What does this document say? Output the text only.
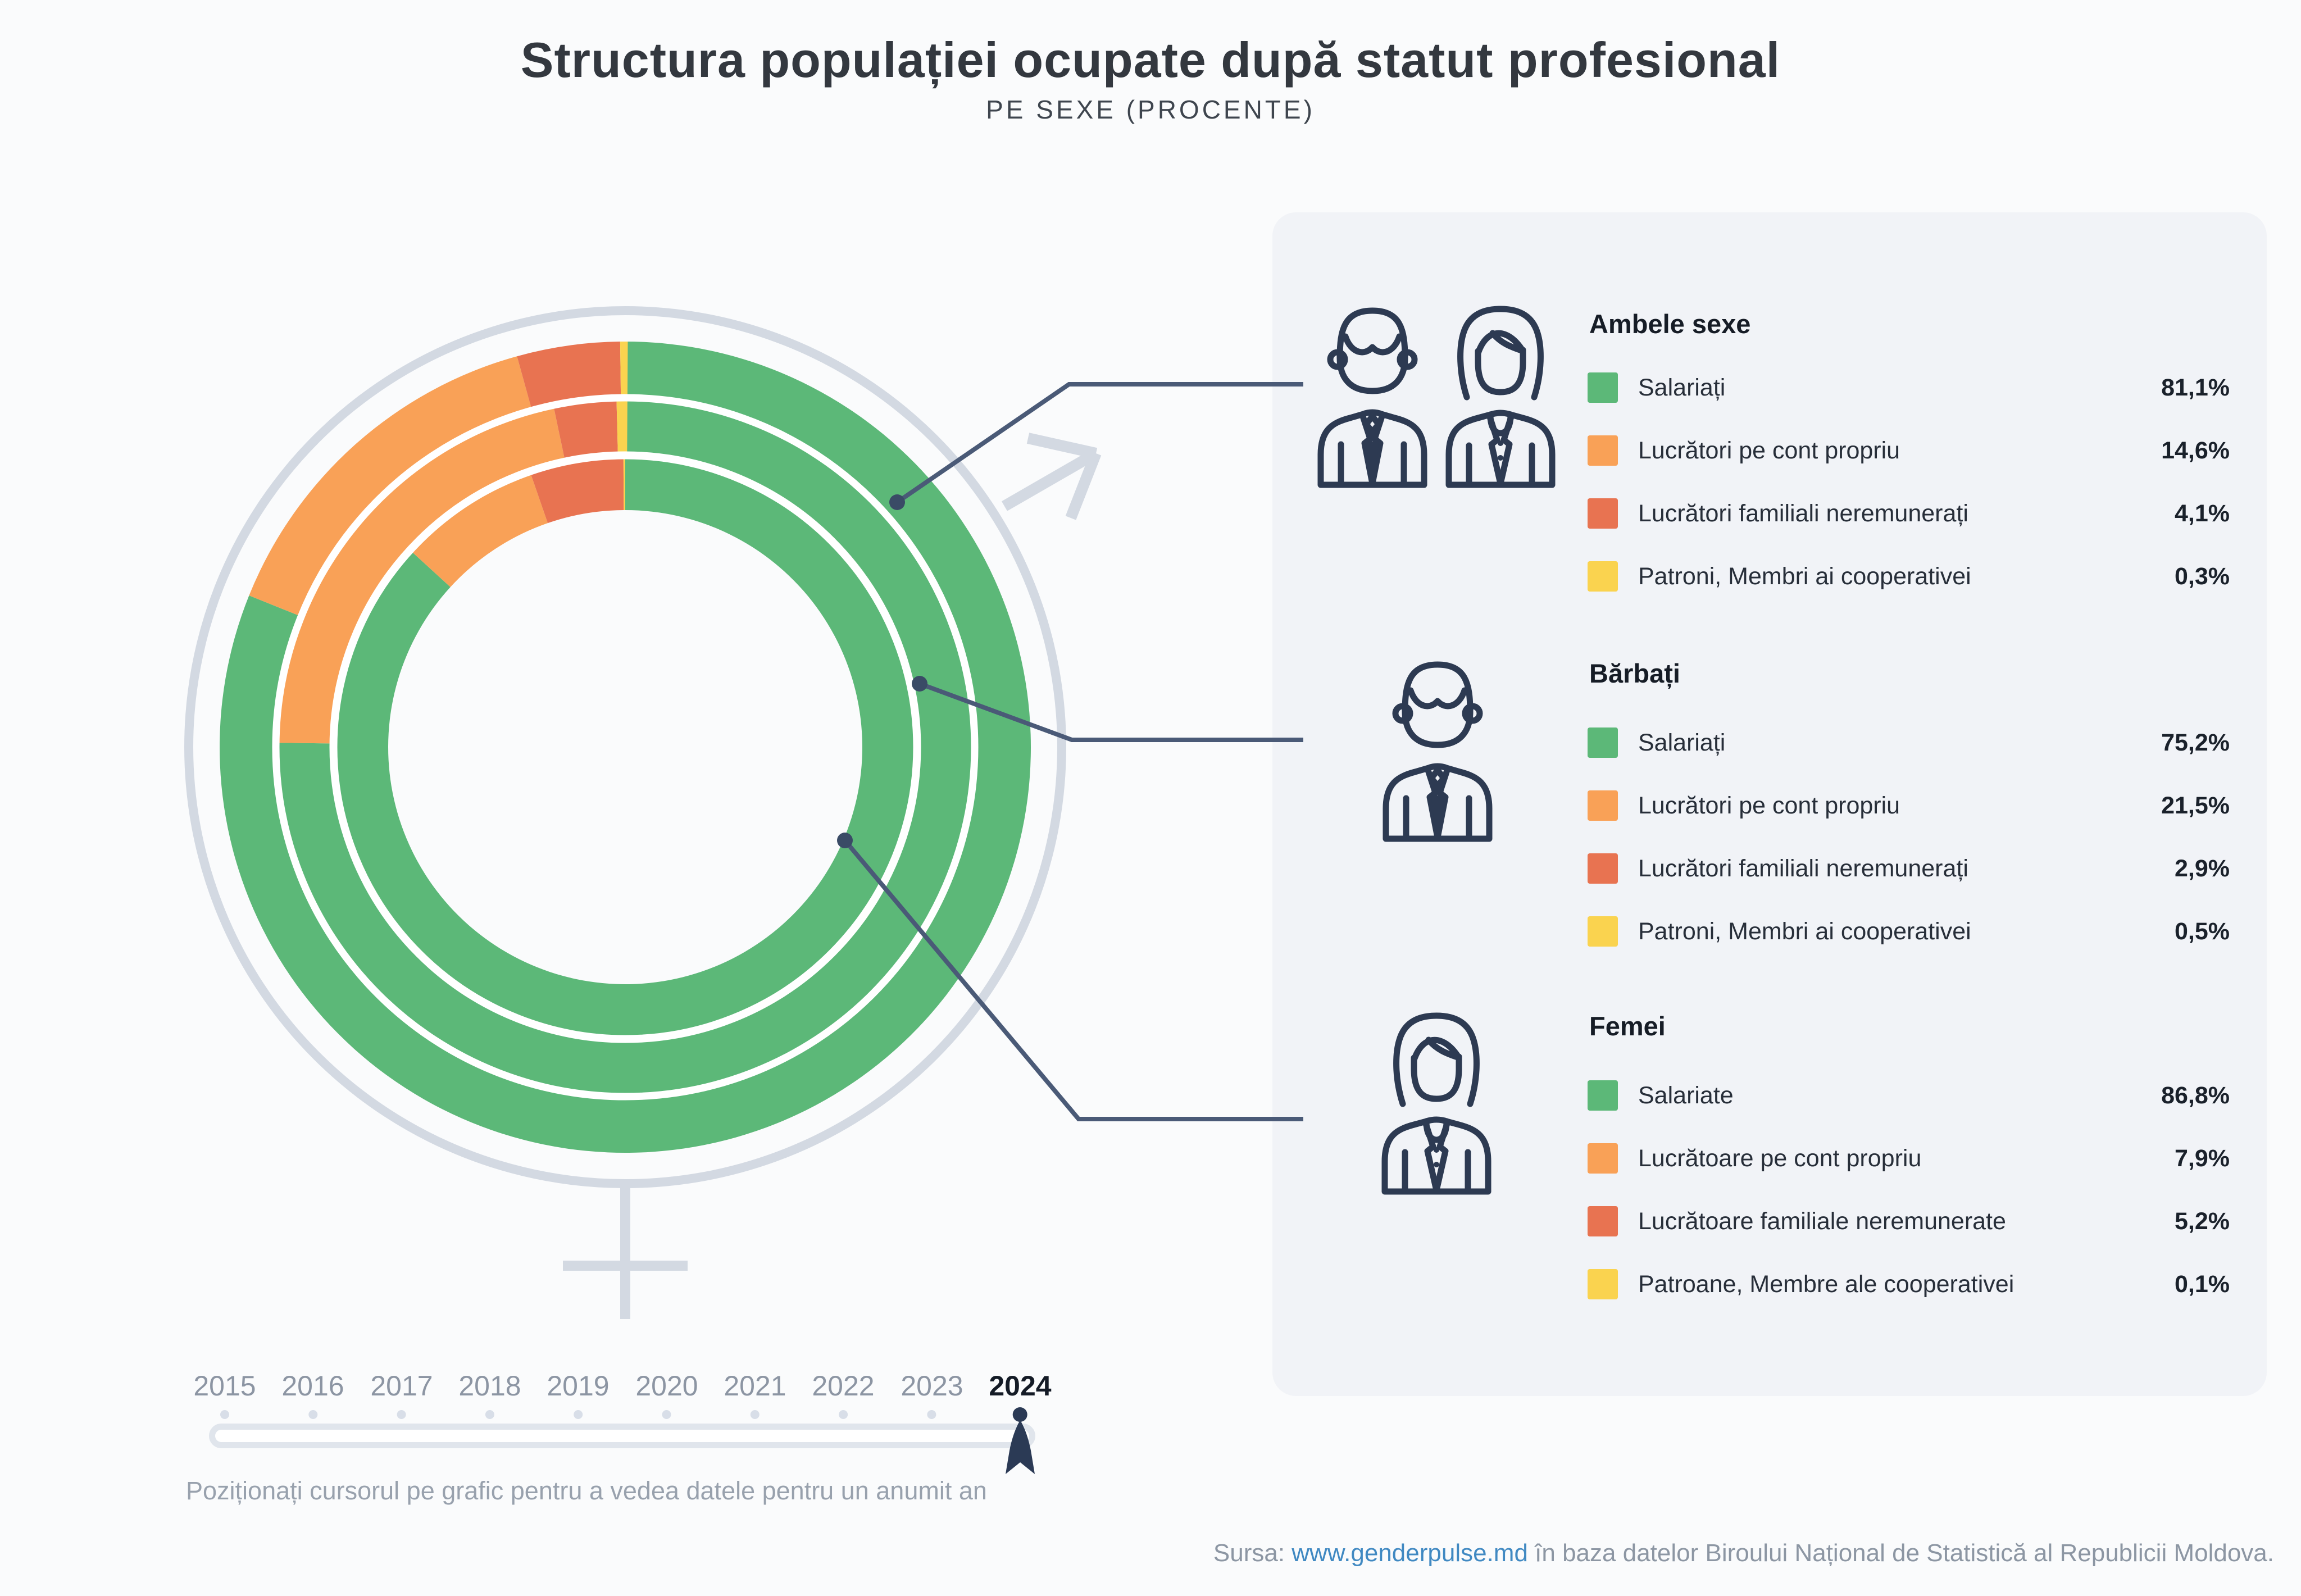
Structura populației ocupate după statut profesional
PE SEXE (PROCENTE)
Ambele sexe
Salariați	81,1%
Lucrători pe cont propriu	14,6%
Lucrători familiali neremunerați	4,1%
Patroni, Membri ai cooperativei	0,3%
Bărbați
Salariați	75,2%
Lucrători pe cont propriu	21,5%
Lucrători familiali neremunerați	2,9%
Patroni, Membri ai cooperativei	0,5%
Femei
Salariate	86,8%
Lucrătoare pe cont propriu	7,9%
Lucrătoare familiale neremunerate	5,2%
Patroane, Membre ale cooperativei	0,1%
2015 2016 2017 2018 2019 2020 2021 2022 2023 2024
Poziționați cursorul pe grafic pentru a vedea datele pentru un anumit an
Sursa: www.genderpulse.md în baza datelor Biroului Național de Statistică al Republicii Moldova.
